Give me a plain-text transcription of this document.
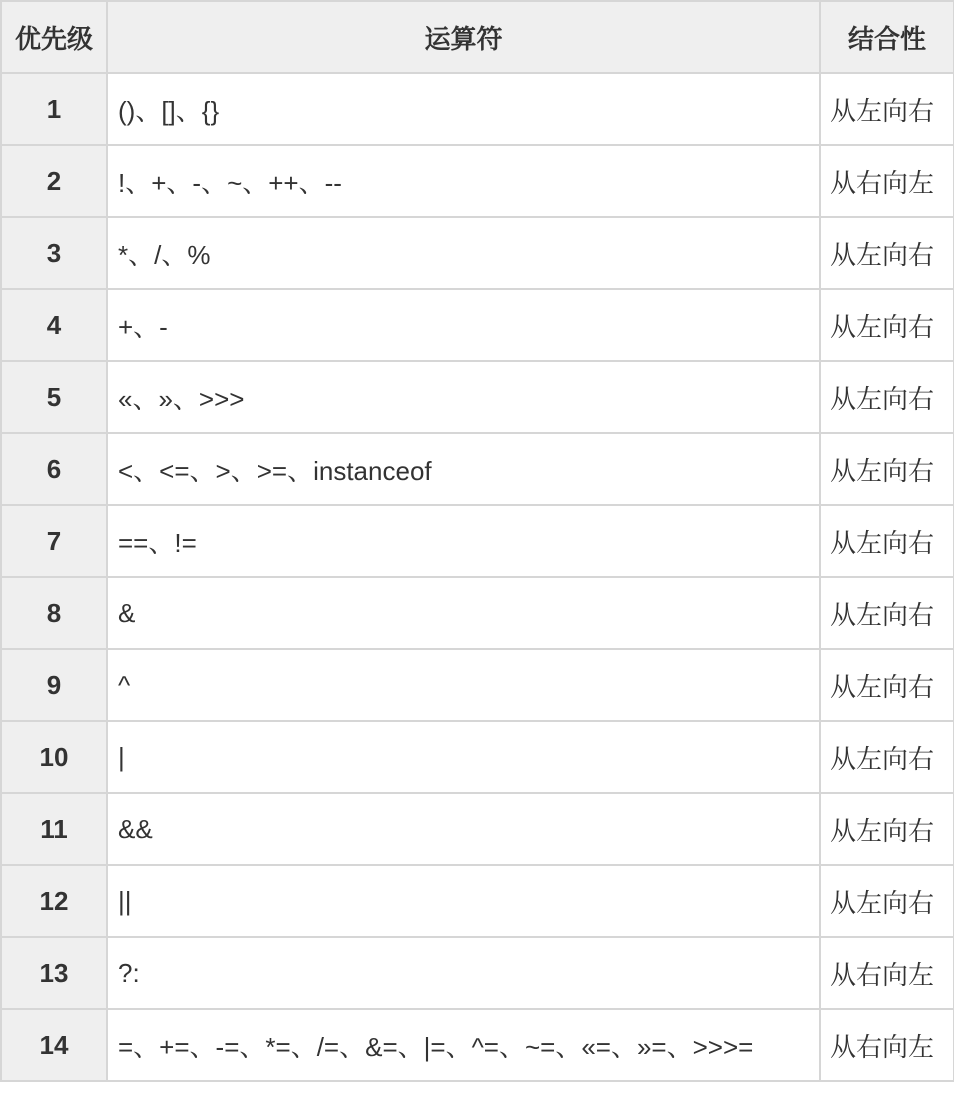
优先级	运算符	结合性
1	()、[]、{}	从左向右
2	!、+、-、~、++、--	从右向左
3	*、/、%	从左向右
4	+、-	从左向右
5	«、»、>>>	从左向右
6	<、<=、>、>=、instanceof	从左向右
7	==、!=	从左向右
8	&	从左向右
9	^	从左向右
10	|	从左向右
11	&&	从左向右
12	||	从左向右
13	?:	从右向左
14	=、+=、-=、*=、/=、&=、|=、^=、~=、«=、»=、>>>=	从右向左
